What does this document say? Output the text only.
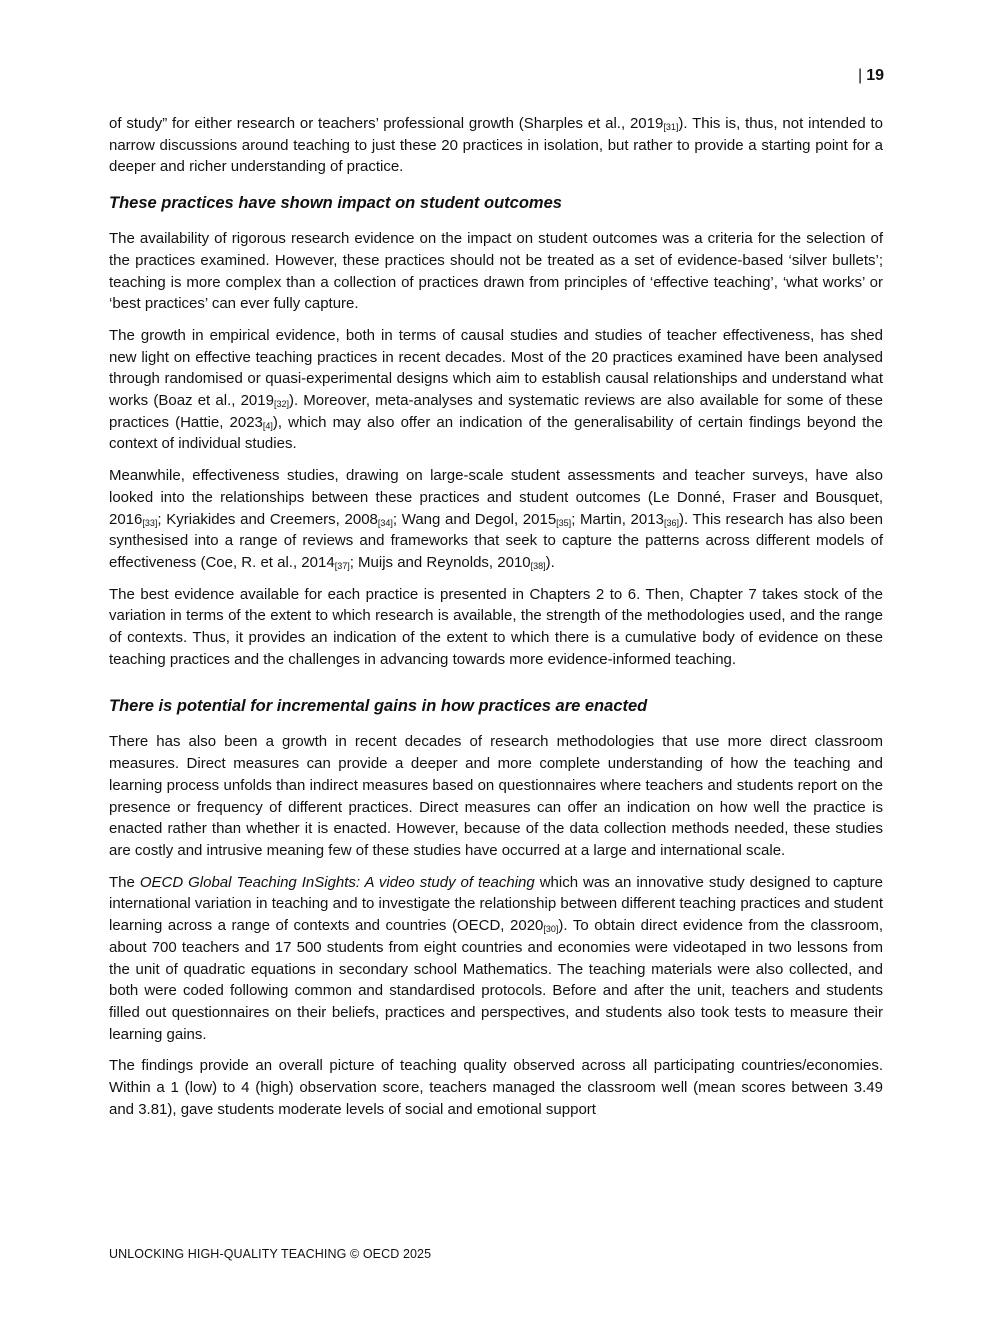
| 19

of study” for either research or teachers’ professional growth (Sharples et al., $2019_{[31]}$). This is, thus, not intended to narrow discussions around teaching to just these 20 practices in isolation, but rather to provide a starting point for a deeper and richer understanding of practice.

These practices have shown impact on student outcomes

The availability of rigorous research evidence on the impact on student outcomes was a criteria for the selection of the practices examined. However, these practices should not be treated as a set of evidence-based ‘silver bullets’; teaching is more complex than a collection of practices drawn from principles of ‘effective teaching’, ‘what works’ or ‘best practices’ can ever fully capture.

The growth in empirical evidence, both in terms of causal studies and studies of teacher effectiveness, has shed new light on effective teaching practices in recent decades. Most of the 20 practices examined have been analysed through randomised or quasi-experimental designs which aim to establish causal relationships and understand what works (Boaz et al., $2019_{[32]}$). Moreover, meta-analyses and systematic reviews are also available for some of these practices (Hattie, $2023_{[4]}$), which may also offer an indication of the generalisability of certain findings beyond the context of individual studies.

Meanwhile, effectiveness studies, drawing on large-scale student assessments and teacher surveys, have also looked into the relationships between these practices and student outcomes (Le Donné, Fraser and Bousquet, $2016_{[33]}$; Kyriakides and Creemers, $2008_{[34]}$; Wang and Degol, $2015_{[35]}$; Martin, $2013_{[36]}$). This research has also been synthesised into a range of reviews and frameworks that seek to capture the patterns across different models of effectiveness (Coe, R. et al., $2014_{[37]}$; Muijs and Reynolds, $2010_{[38]}$).

The best evidence available for each practice is presented in Chapters 2 to 6. Then, Chapter 7 takes stock of the variation in terms of the extent to which research is available, the strength of the methodologies used, and the range of contexts. Thus, it provides an indication of the extent to which there is a cumulative body of evidence on these teaching practices and the challenges in advancing towards more evidence-informed teaching.

There is potential for incremental gains in how practices are enacted

There has also been a growth in recent decades of research methodologies that use more direct classroom measures. Direct measures can provide a deeper and more complete understanding of how the teaching and learning process unfolds than indirect measures based on questionnaires where teachers and students report on the presence or frequency of different practices. Direct measures can offer an indication on how well the practice is enacted rather than whether it is enacted. However, because of the data collection methods needed, these studies are costly and intrusive meaning few of these studies have occurred at a large and international scale.

The OECD Global Teaching InSights: A video study of teaching which was an innovative study designed to capture international variation in teaching and to investigate the relationship between different teaching practices and student learning across a range of contexts and countries (OECD, $2020_{[30]}$). To obtain direct evidence from the classroom, about 700 teachers and 17 500 students from eight countries and economies were videotaped in two lessons from the unit of quadratic equations in secondary school Mathematics. The teaching materials were also collected, and both were coded following common and standardised protocols. Before and after the unit, teachers and students filled out questionnaires on their beliefs, practices and perspectives, and students also took tests to measure their learning gains.

The findings provide an overall picture of teaching quality observed across all participating countries/economies. Within a 1 (low) to 4 (high) observation score, teachers managed the classroom well (mean scores between 3.49 and 3.81), gave students moderate levels of social and emotional support

UNLOCKING HIGH-QUALITY TEACHING © OECD 2025
